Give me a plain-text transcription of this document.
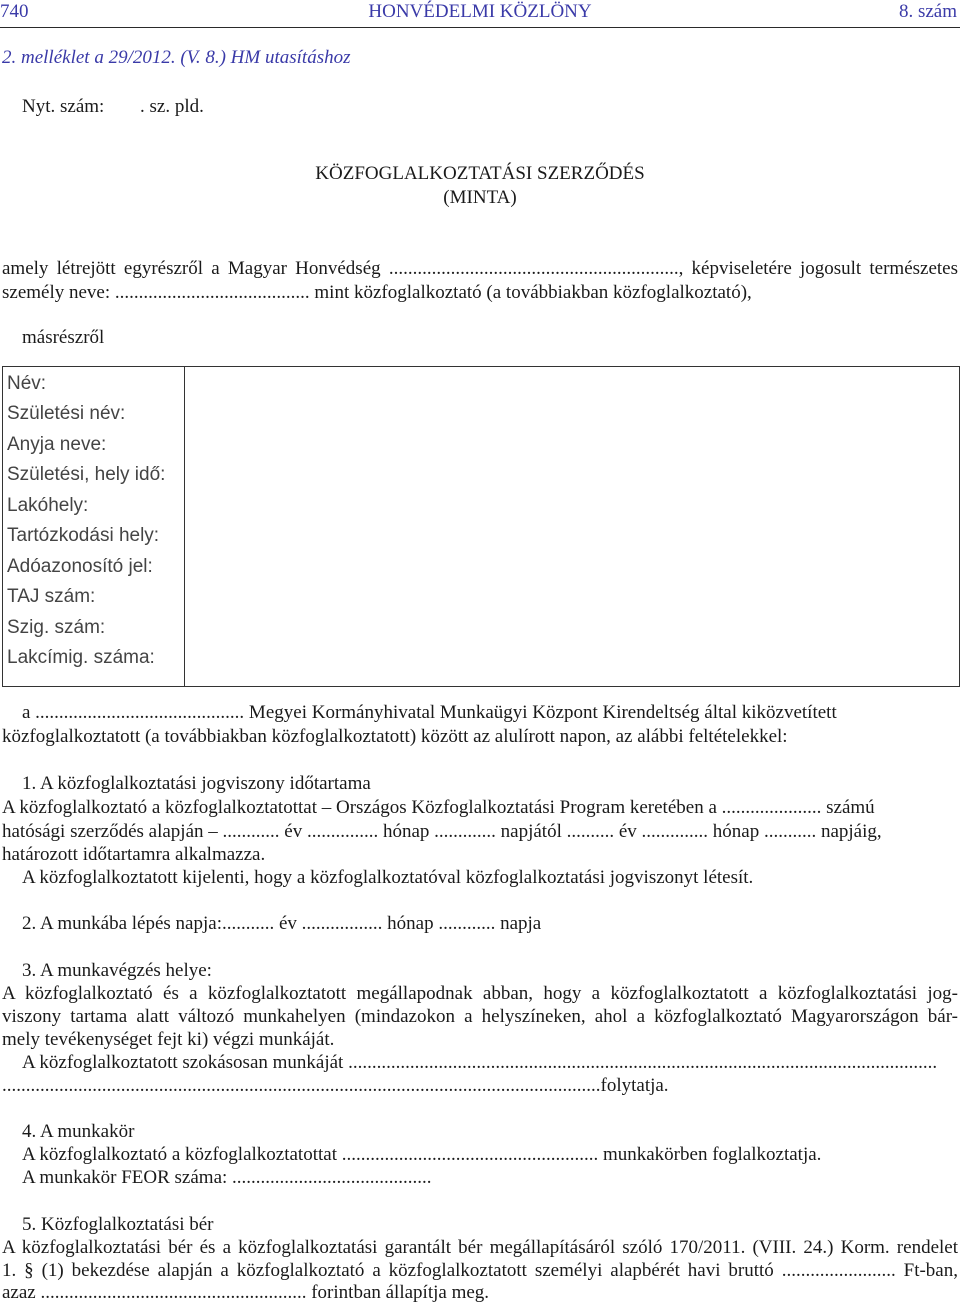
740	HONVÉDELMI KÖZLÖNY	8. szám
2. melléklet a 29/2012. (V. 8.) HM utasításhoz
Nyt. szám: . sz. pld.
KÖZFOGLALKOZTATÁSI SZERZŐDÉS
(MINTA)
amely létrejött egyrészről a Magyar Honvédség ............................................................., képviseletére jogosult természetes
személy neve: ......................................... mint közfoglalkoztató (a továbbiakban közfoglalkoztató),
másrészről
Név:
Születési név:
Anyja neve:
Születési, hely idő:
Lakóhely:
Tartózkodási hely:
Adóazonosító jel:
TAJ szám:
Szig. szám:
Lakcímig. száma:
a ............................................ Megyei Kormányhivatal Munkaügyi Központ Kirendeltség által kiközvetített
közfoglalkoztatott (a továbbiakban közfoglalkoztatott) között az alulírott napon, az alábbi feltételekkel:
1. A közfoglalkoztatási jogviszony időtartama
A közfoglalkoztató a közfoglalkoztatottat – Országos Közfoglalkoztatási Program keretében a ..................... számú
hatósági szerződés alapján – ............ év ............... hónap ............. napjától .......... év .............. hónap ........... napjáig,
határozott időtartamra alkalmazza.
A közfoglalkoztatott kijelenti, hogy a közfoglalkoztatóval közfoglalkoztatási jogviszonyt létesít.
2. A munkába lépés napja:........... év ................. hónap ............ napja
3. A munkavégzés helye:
A közfoglalkoztató és a közfoglalkoztatott megállapodnak abban, hogy a közfoglalkoztatott a közfoglalkoztatási jog-
viszony tartama alatt változó munkahelyen (mindazokon a helyszíneken, ahol a közfoglalkoztató Magyarországon bár-
mely tevékenységet fejt ki) végzi munkáját.
A közfoglalkoztatott szokásosan munkáját ............................................................................................................................
..............................................................................................................................folytatja.
4. A munkakör
A közfoglalkoztató a közfoglalkoztatottat ...................................................... munkakörben foglalkoztatja.
A munkakör FEOR száma: ..........................................
5. Közfoglalkoztatási bér
A közfoglalkoztatási bér és a közfoglalkoztatási garantált bér megállapításáról szóló 170/2011. (VIII. 24.) Korm. rendelet
1. § (1) bekezdése alapján a közfoglalkoztató a közfoglalkoztatott személyi alapbérét havi bruttó ........................ Ft-ban,
azaz ........................................................ forintban állapítja meg.
